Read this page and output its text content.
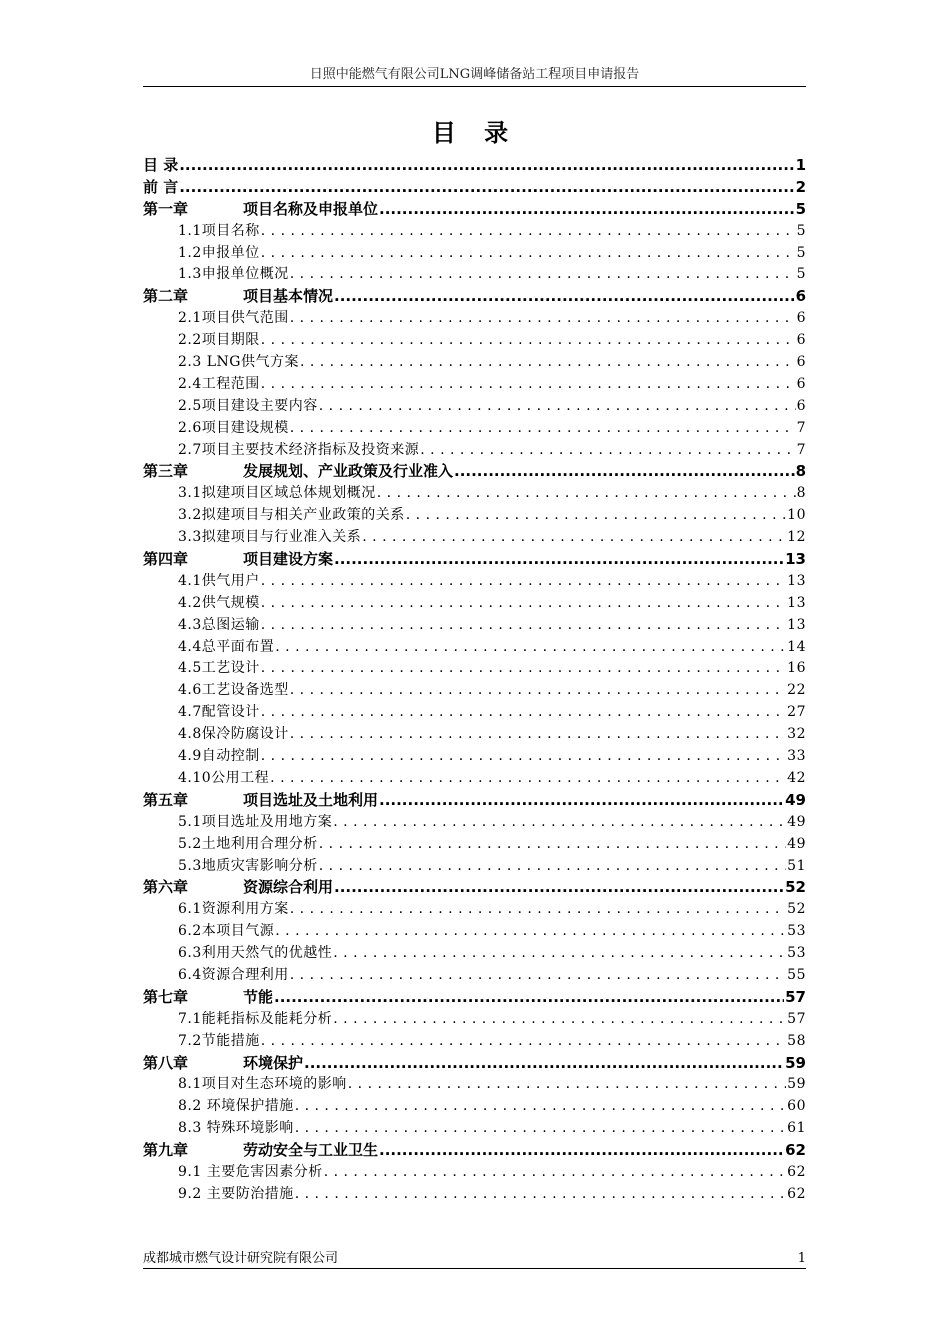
日照中能燃气有限公司LNG调峰储备站工程项目申请报告
目 录
目 录 .....	1
前 言 .....	2
第一章	项目名称及申报单位 .....	5
1.1项目名称 . . .	5
1.2申报单位 . . .	5
1.3申报单位概况 . . .	5
第二章	项目基本情况 .....	6
2.1项目供气范围 . . .	6
2.2项目期限 . . .	6
2.3 LNG供气方案 . . .	6
2.4工程范围 . . .	6
2.5项目建设主要内容 . . .	6
2.6项目建设规模 . . .	7
2.7项目主要技术经济指标及投资来源 . . .	7
第三章	发展规划、产业政策及行业准入 .....	8
3.1拟建项目区域总体规划概况 . . .	8
3.2拟建项目与相关产业政策的关系 . . .	10
3.3拟建项目与行业准入关系 . . .	12
第四章	项目建设方案 .....	13
4.1供气用户 . . .	13
4.2供气规模 . . .	13
4.3总图运输 . . .	13
4.4总平面布置 . . .	14
4.5工艺设计 . . .	16
4.6工艺设备选型 . . .	22
4.7配管设计 . . .	27
4.8保冷防腐设计 . . .	32
4.9自动控制 . . .	33
4.10公用工程 . . .	42
第五章	项目选址及土地利用 .....	49
5.1项目选址及用地方案 . . .	49
5.2土地利用合理分析 . . .	49
5.3地质灾害影响分析 . . .	51
第六章	资源综合利用 .....	52
6.1资源利用方案 . . .	52
6.2本项目气源 . . .	53
6.3利用天然气的优越性 . . .	53
6.4资源合理利用 . . .	55
第七章	节能 .....	57
7.1能耗指标及能耗分析 . . .	57
7.2节能措施 . . .	58
第八章	环境保护 .....	59
8.1项目对生态环境的影响 . . .	59
8.2 环境保护措施 . . .	60
8.3 特殊环境影响 . . .	61
第九章	劳动安全与工业卫生 .....	62
9.1 主要危害因素分析 . . .	62
9.2 主要防治措施 . . .	62
成都城市燃气设计研究院有限公司	1
